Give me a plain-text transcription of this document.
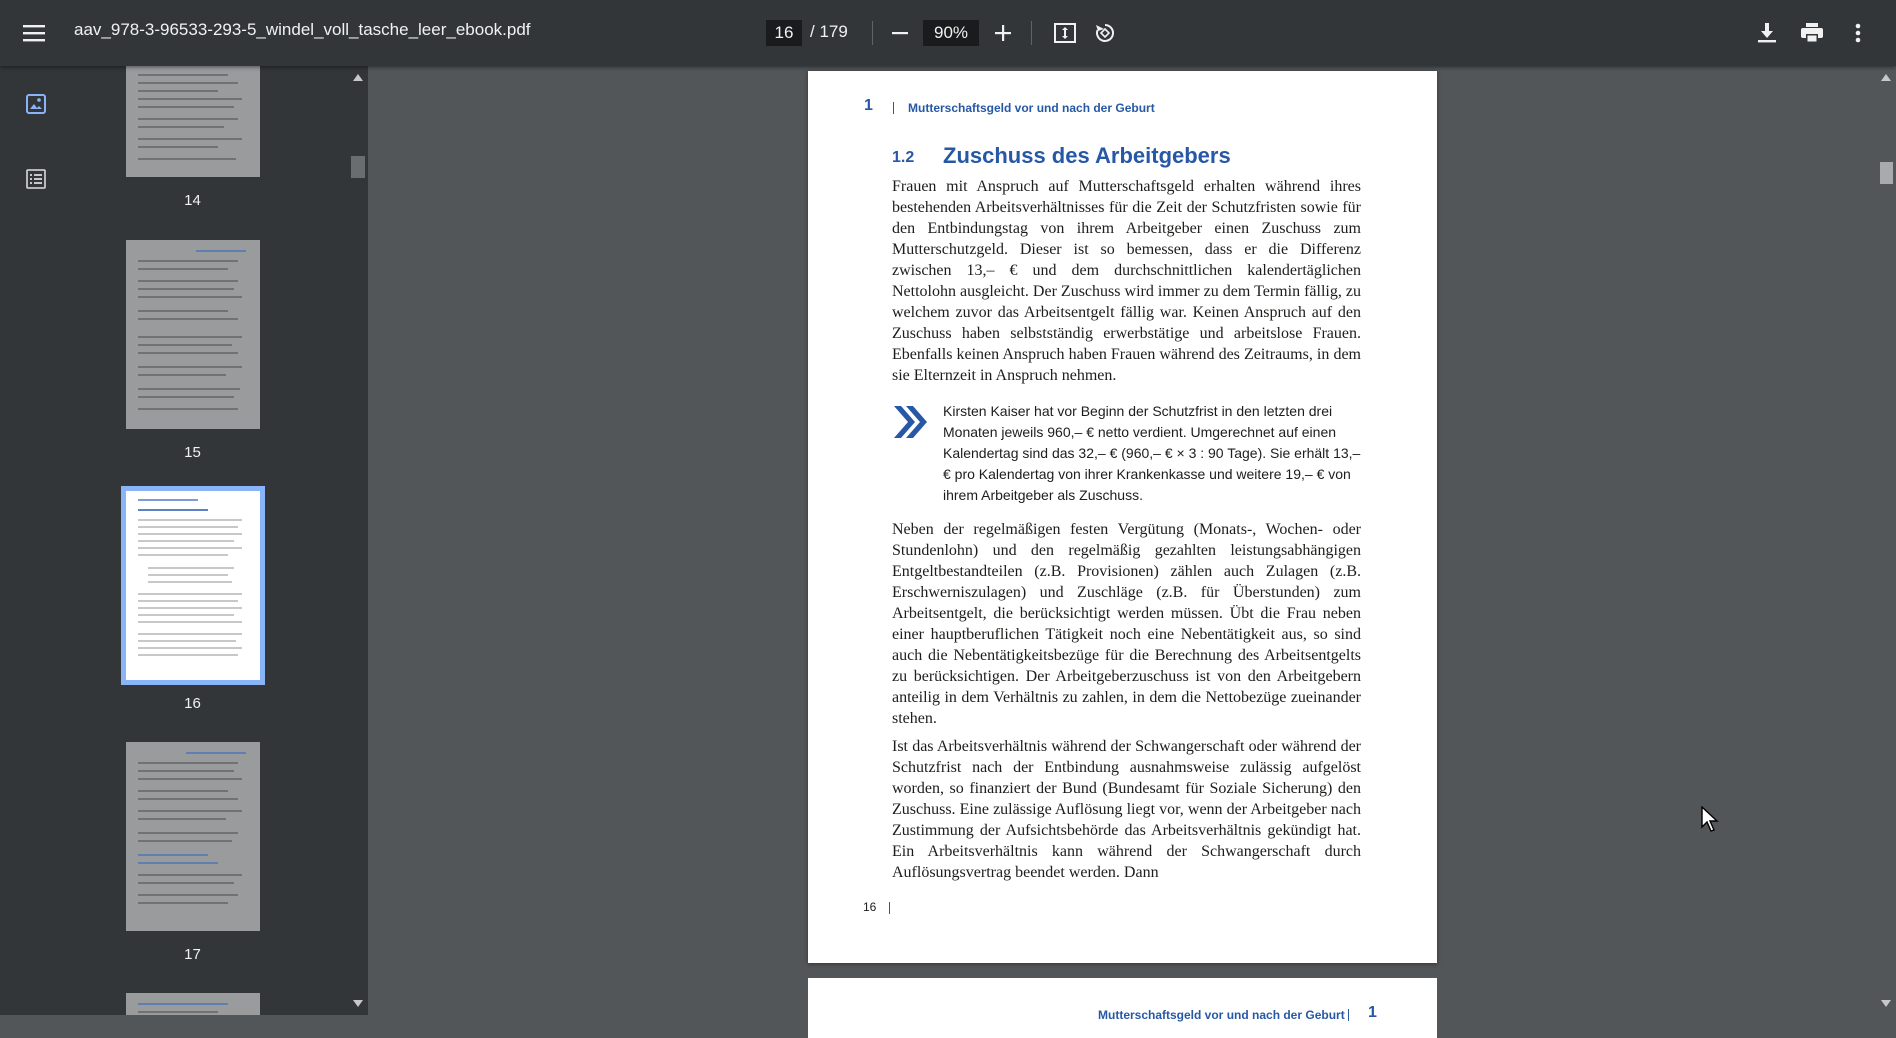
aav_978-3-96533-293-5_windel_voll_tasche_leer_ebook.pdf	16 / 179	90%
14
15
16
17
1	Mutterschaftsgeld vor und nach der Geburt
1.2 Zuschuss des Arbeitgebers
Frauen mit Anspruch auf Mutterschaftsgeld erhalten während ihres bestehenden Arbeitsverhältnisses für die Zeit der Schutzfristen sowie für den Entbindungstag von ihrem Arbeitgeber einen Zuschuss zum Mutterschutzgeld. Dieser ist so bemessen, dass er die Differenz zwischen 13,– € und dem durchschnittlichen kalendertäglichen Nettolohn ausgleicht. Der Zuschuss wird immer zu dem Termin fällig, zu welchem zuvor das Arbeitsentgelt fällig war. Keinen Anspruch auf den Zuschuss haben selbstständig erwerbstätige und arbeitslose Frauen. Ebenfalls keinen Anspruch haben Frauen während des Zeitraums, in dem sie Elternzeit in Anspruch nehmen.
Kirsten Kaiser hat vor Beginn der Schutzfrist in den letzten drei Monaten jeweils 960,– € netto verdient. Umgerechnet auf einen Kalendertag sind das 32,– € (960,– € × 3 : 90 Tage). Sie erhält 13,– € pro Kalendertag von ihrer Krankenkasse und weitere 19,– € von ihrem Arbeitgeber als Zuschuss.
Neben der regelmäßigen festen Vergütung (Monats-, Wochen- oder Stundenlohn) und den regelmäßig gezahlten leistungsabhängigen Entgeltbestandteilen (z.B. Provisionen) zählen auch Zulagen (z.B. Erschwerniszulagen) und Zuschläge (z.B. für Überstunden) zum Arbeitsentgelt, die berücksichtigt werden müssen. Übt die Frau neben einer hauptberuflichen Tätigkeit noch eine Nebentätigkeit aus, so sind auch die Nebentätigkeitsbezüge für die Berechnung des Arbeitsentgelts zu berücksichtigen. Der Arbeitgeberzuschuss ist von den Arbeitgebern anteilig in dem Verhältnis zu zahlen, in dem die Nettobezüge zueinander stehen.
Ist das Arbeitsverhältnis während der Schwangerschaft oder während der Schutzfrist nach der Entbindung ausnahmsweise zulässig aufgelöst worden, so finanziert der Bund (Bundesamt für Soziale Sicherung) den Zuschuss. Eine zulässige Auflösung liegt vor, wenn der Arbeitgeber nach Zustimmung der Aufsichtsbehörde das Arbeitsverhältnis gekündigt hat. Ein Arbeitsverhältnis kann während der Schwangerschaft durch Auflösungsvertrag beendet werden. Dann
16
Mutterschaftsgeld vor und nach der Geburt 1
